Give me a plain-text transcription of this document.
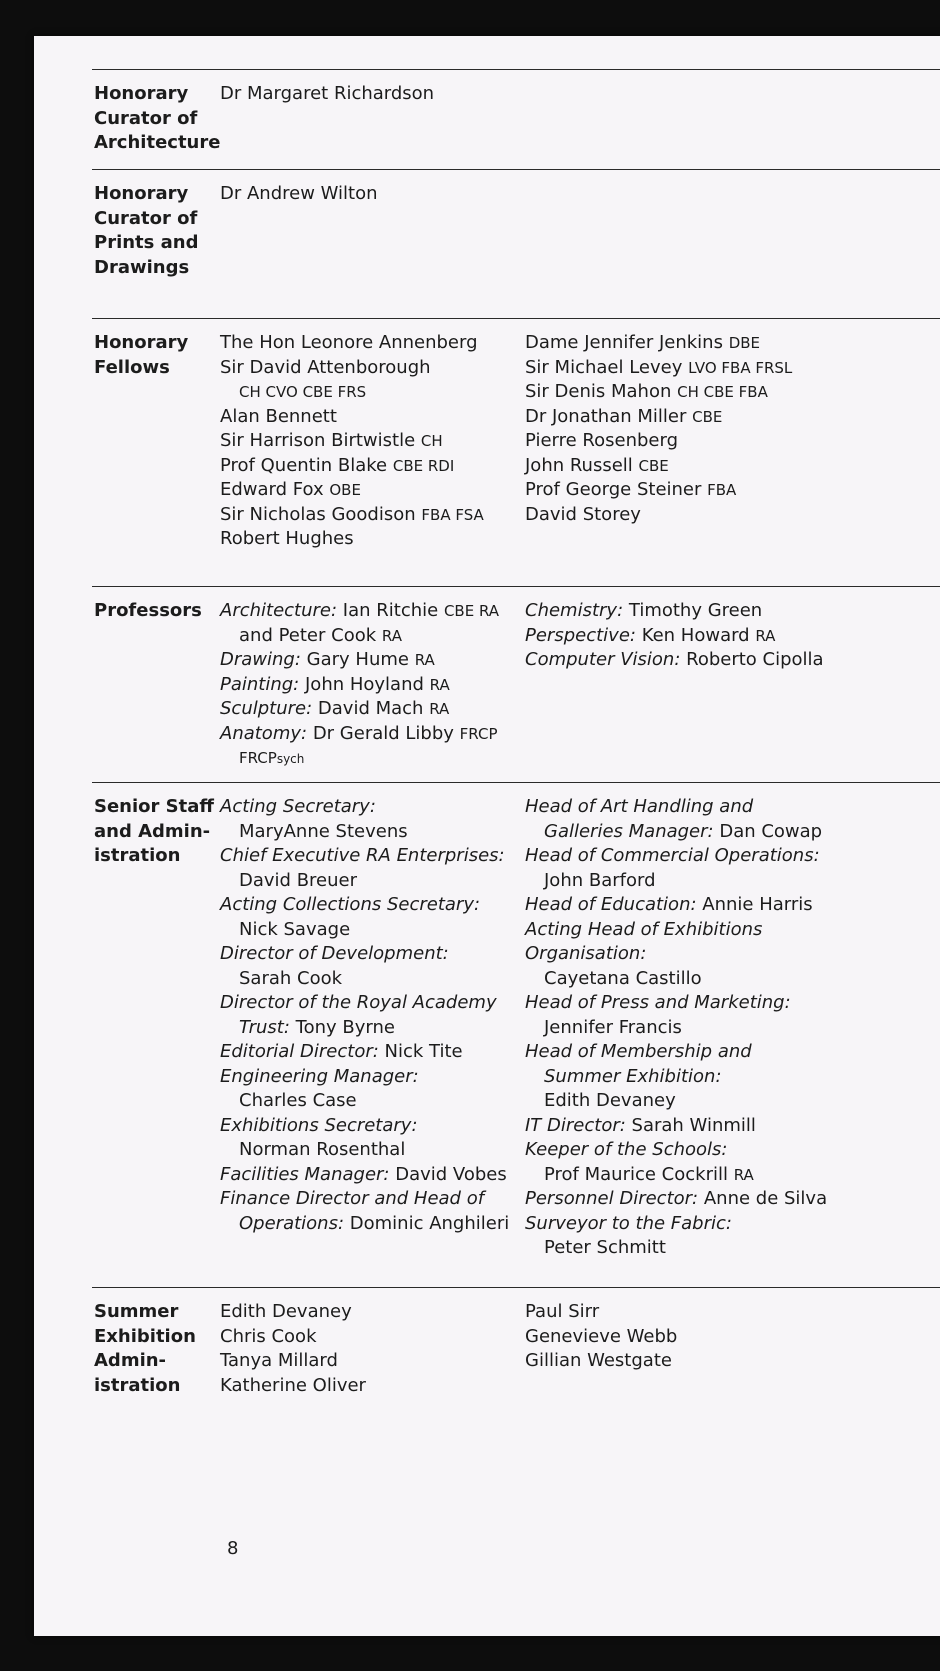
Honorary Curator of Architecture
Dr Margaret Richardson
Honorary Curator of Prints and Drawings
Dr Andrew Wilton
Honorary Fellows
The Hon Leonore Annenberg
Sir David Attenborough
CH CVO CBE FRS
Alan Bennett
Sir Harrison Birtwistle CH
Prof Quentin Blake CBE RDI
Edward Fox OBE
Sir Nicholas Goodison FBA FSA
Robert Hughes
Dame Jennifer Jenkins DBE
Sir Michael Levey LVO FBA FRSL
Sir Denis Mahon CH CBE FBA
Dr Jonathan Miller CBE
Pierre Rosenberg
John Russell CBE
Prof George Steiner FBA
David Storey
Professors	Architecture: Ian Ritchie CBE RA
and Peter Cook RA
Drawing: Gary Hume RA
Painting: John Hoyland RA
Sculpture: David Mach RA
Anatomy: Dr Gerald Libby FRCP
FRCPsych
Chemistry: Timothy Green
Perspective: Ken Howard RA
Computer Vision: Roberto Cipolla
Senior Staff and Admin-istration
Acting Secretary:
MaryAnne Stevens
Chief Executive RA Enterprises:
David Breuer
Acting Collections Secretary:
Nick Savage
Director of Development:
Sarah Cook
Director of the Royal Academy
Trust: Tony Byrne
Editorial Director: Nick Tite
Engineering Manager:
Charles Case
Exhibitions Secretary:
Norman Rosenthal
Facilities Manager: David Vobes
Finance Director and Head of
Operations: Dominic Anghileri
Head of Art Handling and
Galleries Manager: Dan Cowap
Head of Commercial Operations:
John Barford
Head of Education: Annie Harris
Acting Head of Exhibitions
Organisation:
Cayetana Castillo
Head of Press and Marketing:
Jennifer Francis
Head of Membership and
Summer Exhibition:
Edith Devaney
IT Director: Sarah Winmill
Keeper of the Schools:
Prof Maurice Cockrill RA
Personnel Director: Anne de Silva
Surveyor to the Fabric:
Peter Schmitt
Summer Exhibition Admin-istration
Edith Devaney
Chris Cook
Tanya Millard
Katherine Oliver
Paul Sirr
Genevieve Webb
Gillian Westgate
8
